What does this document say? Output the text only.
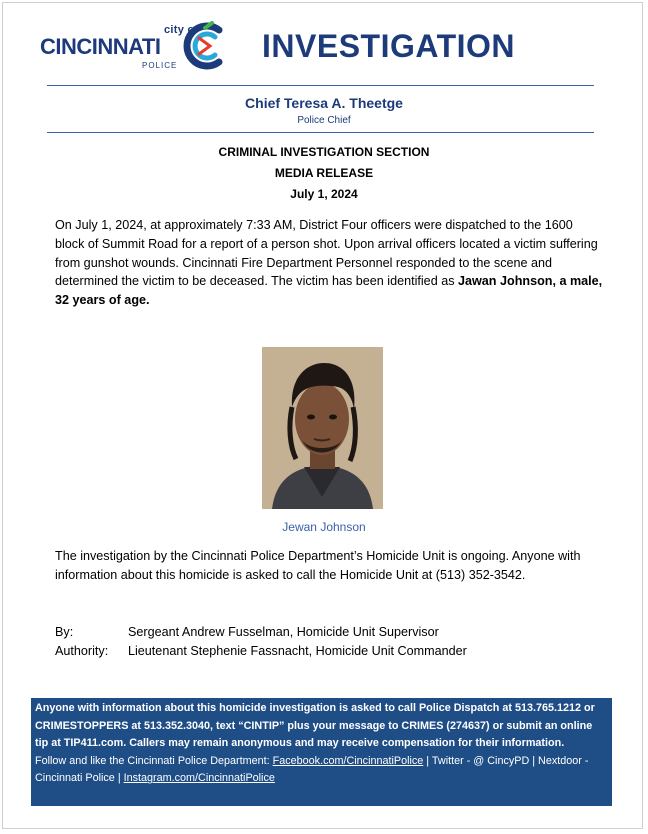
city of
CINCINNATI
POLICE
INVESTIGATION
Chief Teresa A. Theetge
Police Chief
CRIMINAL INVESTIGATION SECTION
MEDIA RELEASE
July 1, 2024
On July 1, 2024, at approximately 7:33 AM, District Four officers were dispatched to the 1600 block of Summit Road for a report of a person shot. Upon arrival officers located a victim suffering from gunshot wounds. Cincinnati Fire Department Personnel responded to the scene and determined the victim to be deceased. The victim has been identified as Jawan Johnson, a male, 32 years of age.
Jewan Johnson
The investigation by the Cincinnati Police Department’s Homicide Unit is ongoing. Anyone with information about this homicide is asked to call the Homicide Unit at (513) 352-3542.
By:	Sergeant Andrew Fusselman, Homicide Unit Supervisor
Authority: Lieutenant Stephenie Fassnacht, Homicide Unit Commander
Anyone with information about this homicide investigation is asked to call Police Dispatch at 513.765.1212 or CRIMESTOPPERS at 513.352.3040, text “CINTIP” plus your message to CRIMES (274637) or submit an online tip at TIP411.com. Callers may remain anonymous and may receive compensation for their information.
Follow and like the Cincinnati Police Department: Facebook.com/CincinnatiPolice | Twitter - @ CincyPD | Nextdoor - Cincinnati Police | Instagram.com/CincinnatiPolice
